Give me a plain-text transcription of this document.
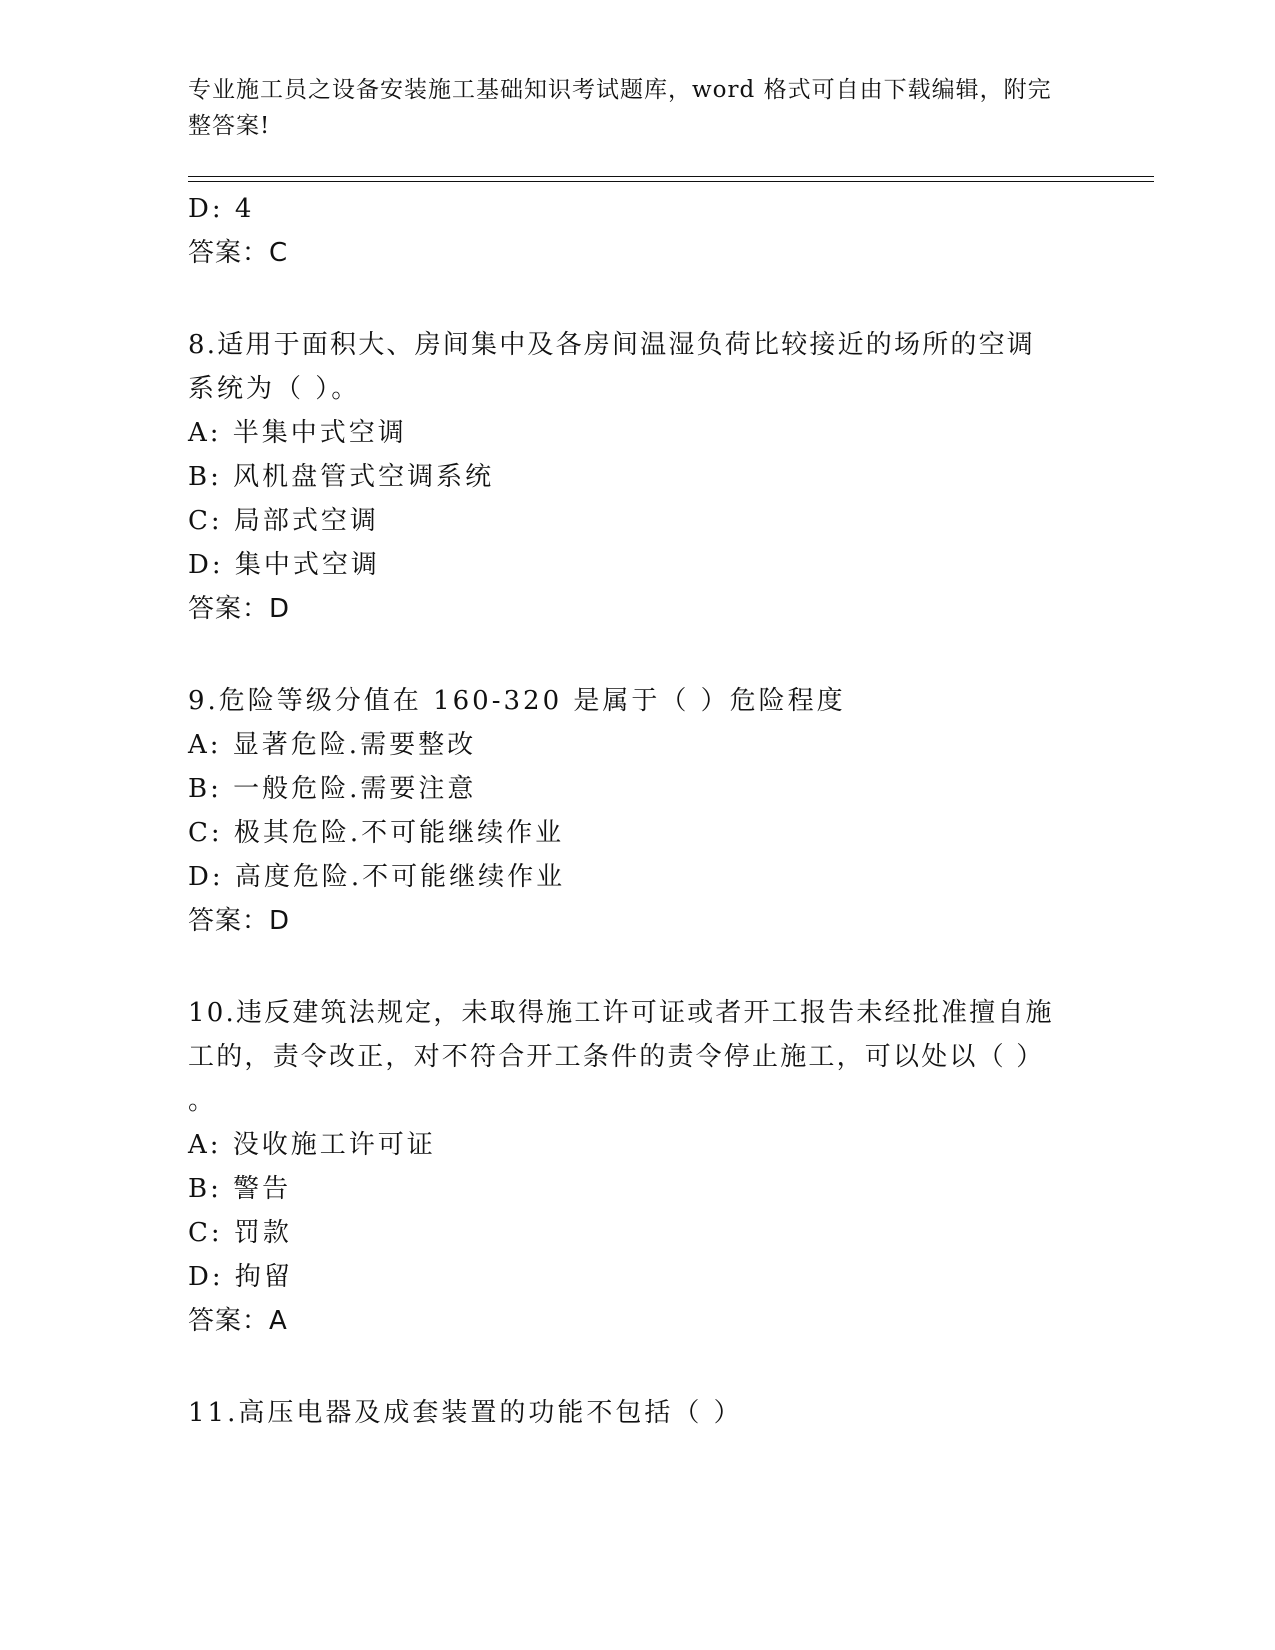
专业施工员之设备安装施工基础知识考试题库，word 格式可自由下载编辑，附完整答案!
D: 4
答案：C
8.适用于面积大、房间集中及各房间温湿负荷比较接近的场所的空调
系统为（ ）。
A: 半集中式空调
B: 风机盘管式空调系统
C: 局部式空调
D: 集中式空调
答案：D
9.危险等级分值在 160-320 是属于（ ）危险程度
A: 显著危险.需要整改
B: 一般危险.需要注意
C: 极其危险.不可能继续作业
D: 高度危险.不可能继续作业
答案：D
10.违反建筑法规定，未取得施工许可证或者开工报告未经批准擅自施
工的，责令改正，对不符合开工条件的责令停止施工，可以处以（ ）
。
A: 没收施工许可证
B: 警告
C: 罚款
D: 拘留
答案：A
11.高压电器及成套装置的功能不包括（ ）
